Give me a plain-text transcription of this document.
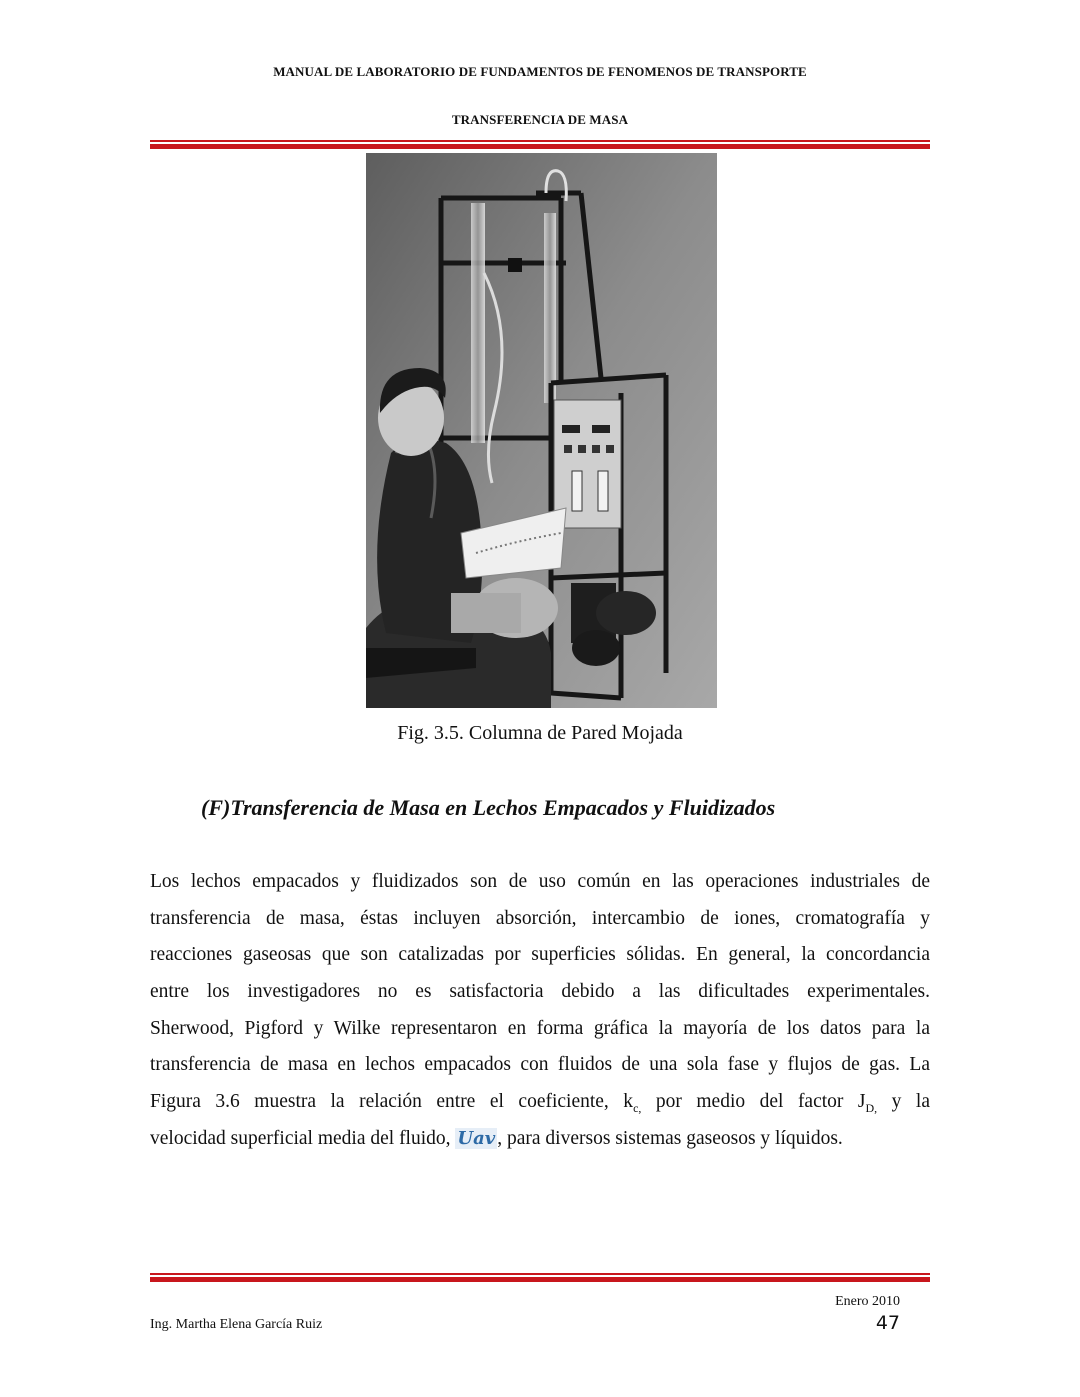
MANUAL DE LABORATORIO DE FUNDAMENTOS DE FENOMENOS DE TRANSPORTE
TRANSFERENCIA DE MASA
Fig. 3.5. Columna de Pared Mojada
(F)Transferencia de Masa en Lechos Empacados y Fluidizados
Los lechos empacados y fluidizados son de uso común en las operaciones industriales de
transferencia de masa, éstas incluyen absorción, intercambio de iones, cromatografía y
reacciones gaseosas que son catalizadas por superficies sólidas. En general, la concordancia
entre los investigadores no es satisfactoria debido a las dificultades experimentales.
Sherwood, Pigford y Wilke representaron en forma gráfica la mayoría de los datos para la
transferencia de masa en lechos empacados con fluidos de una sola fase y flujos de gas. La
Figura 3.6 muestra la relación entre el coeficiente, $k_{c,}$ por medio del factor $J_{D,}$ y la
velocidad superficial media del fluido, Uav , para diversos sistemas gaseosos y líquidos.
Enero 2010
Ing. Martha Elena García Ruiz	47
